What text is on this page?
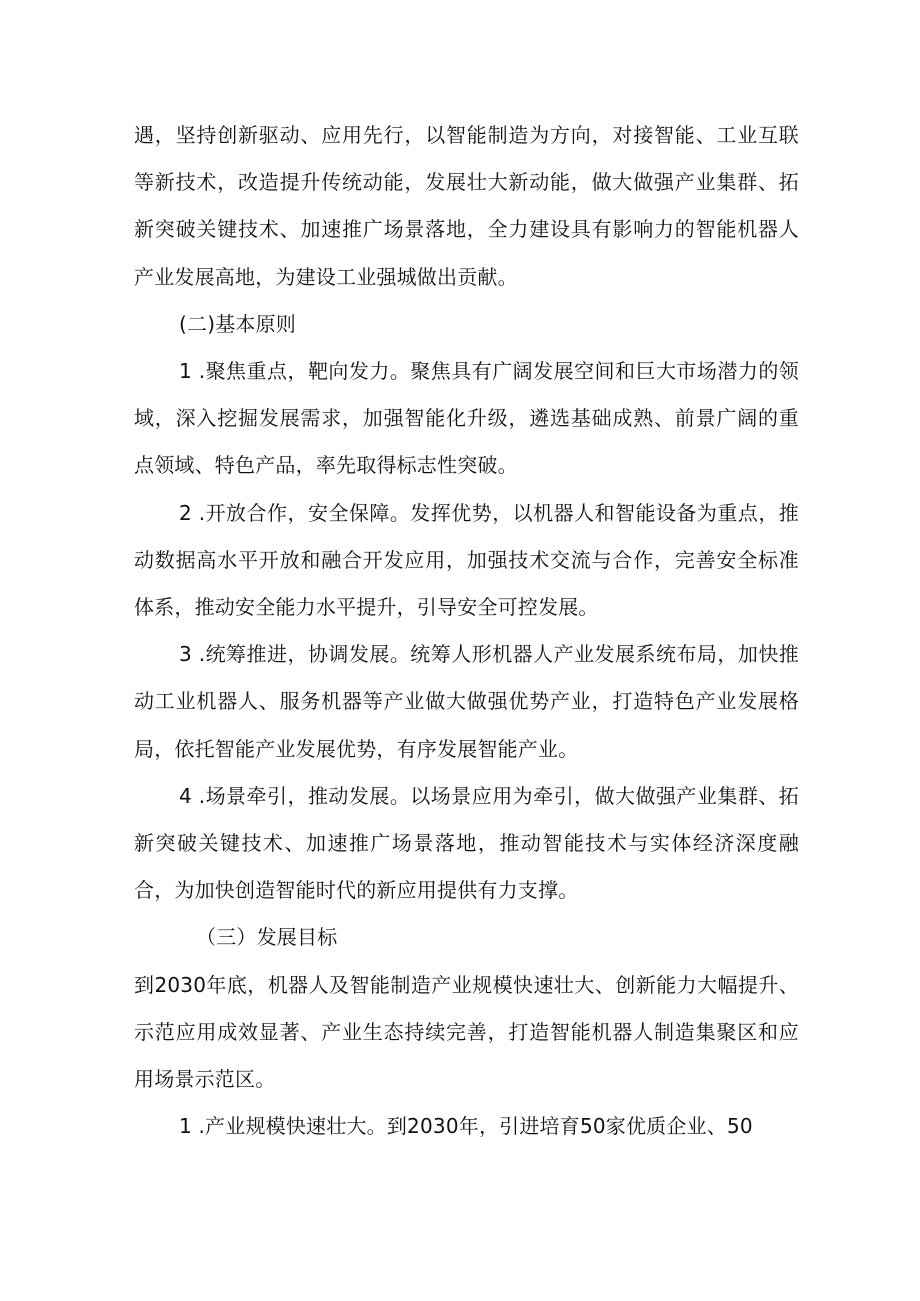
遇，坚持创新驱动、应用先行，以智能制造为方向，对接智能、工业互联等新技术，改造提升传统动能，发展壮大新动能，做大做强产业集群、拓新突破关键技术、加速推广场景落地，全力建设具有影响力的智能机器人产业发展高地，为建设工业强城做出贡献。

(二)基本原则

1 .聚焦重点，靶向发力。聚焦具有广阔发展空间和巨大市场潜力的领域，深入挖掘发展需求，加强智能化升级，遴选基础成熟、前景广阔的重点领域、特色产品，率先取得标志性突破。

2 .开放合作，安全保障。发挥优势，以机器人和智能设备为重点，推动数据高水平开放和融合开发应用，加强技术交流与合作，完善安全标准体系，推动安全能力水平提升，引导安全可控发展。

3 .统筹推进，协调发展。统筹人形机器人产业发展系统布局，加快推动工业机器人、服务机器等产业做大做强优势产业，打造特色产业发展格局，依托智能产业发展优势，有序发展智能产业。

4 .场景牵引，推动发展。以场景应用为牵引，做大做强产业集群、拓新突破关键技术、加速推广场景落地，推动智能技术与实体经济深度融合，为加快创造智能时代的新应用提供有力支撑。

（三）发展目标

到2030年底，机器人及智能制造产业规模快速壮大、创新能力大幅提升、示范应用成效显著、产业生态持续完善，打造智能机器人制造集聚区和应用场景示范区。

1 .产业规模快速壮大。到2030年，引进培育50家优质企业、50
